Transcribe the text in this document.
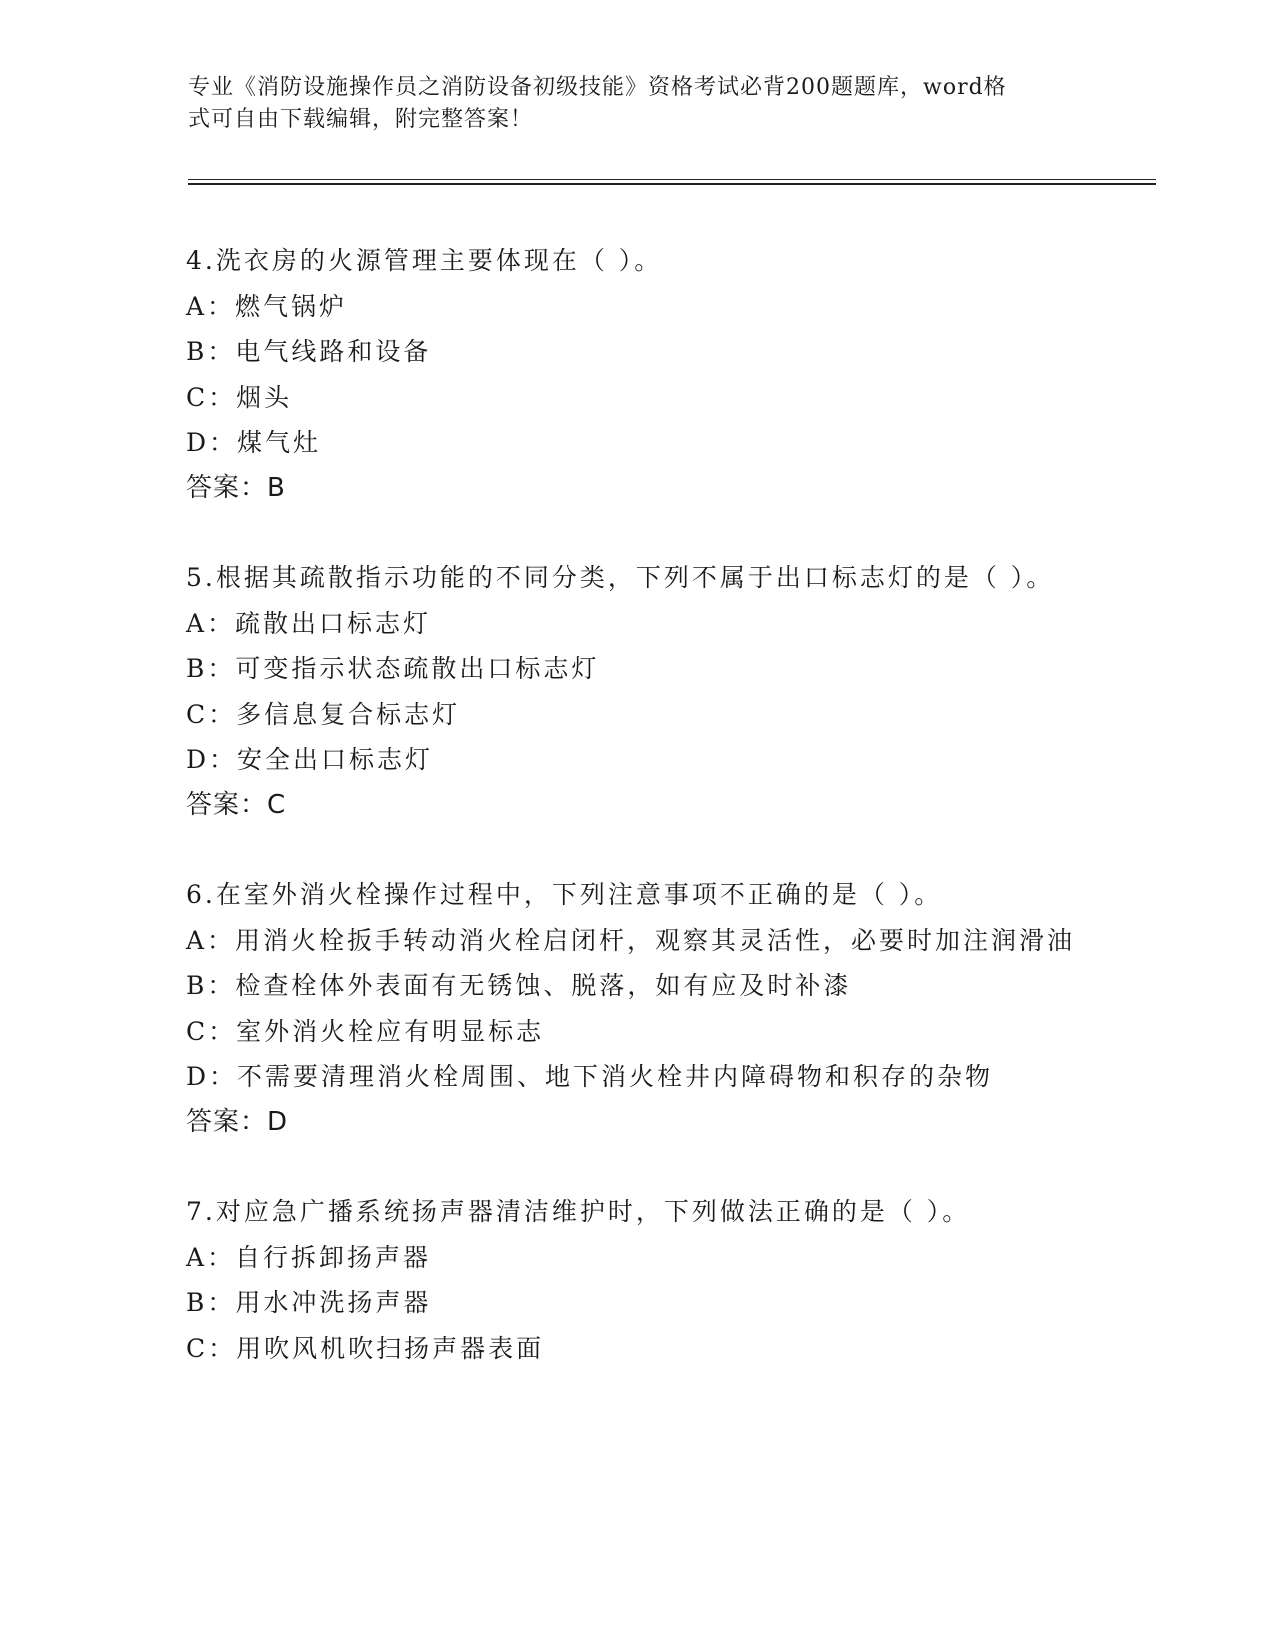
专业《消防设施操作员之消防设备初级技能》资格考试必背200题题库，word格
式可自由下载编辑，附完整答案！
4.洗衣房的火源管理主要体现在（ ）。
A：燃气锅炉
B：电气线路和设备
C：烟头
D：煤气灶
答案：B
5.根据其疏散指示功能的不同分类，下列不属于出口标志灯的是（ ）。
A：疏散出口标志灯
B：可变指示状态疏散出口标志灯
C：多信息复合标志灯
D：安全出口标志灯
答案：C
6.在室外消火栓操作过程中，下列注意事项不正确的是（ ）。
A：用消火栓扳手转动消火栓启闭杆，观察其灵活性，必要时加注润滑油
B：检查栓体外表面有无锈蚀、脱落，如有应及时补漆
C：室外消火栓应有明显标志
D：不需要清理消火栓周围、地下消火栓井内障碍物和积存的杂物
答案：D
7.对应急广播系统扬声器清洁维护时，下列做法正确的是（ ）。
A：自行拆卸扬声器
B：用水冲洗扬声器
C：用吹风机吹扫扬声器表面
